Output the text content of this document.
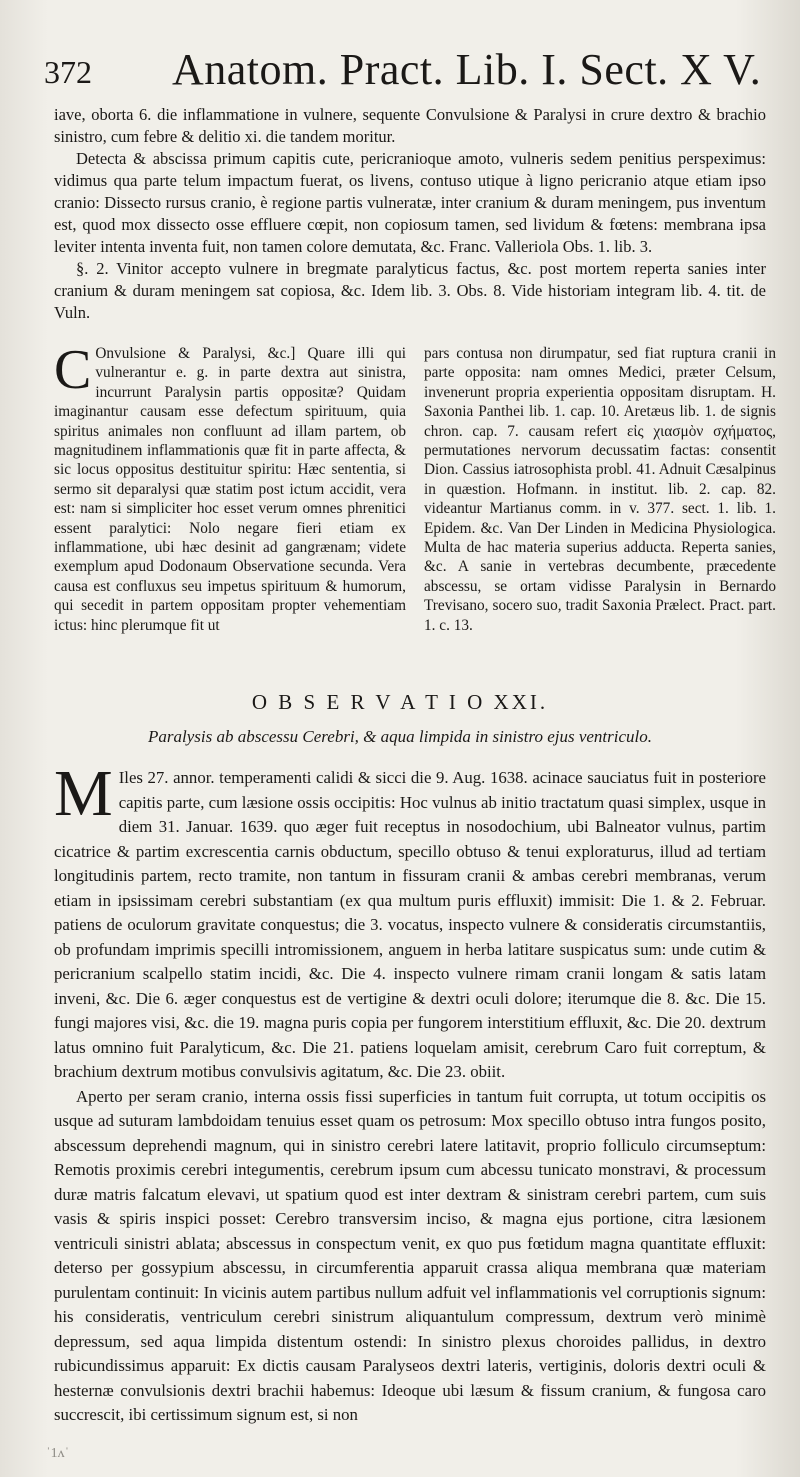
372 Anatom. Pract. Lib. I. Sect. X V.

iave, oborta 6. die inflammatione in vulnere, sequente Convulsione & Paralysi in crure dextro & brachio sinistro, cum febre & delitio xi. die tandem moritur.

Detecta & abscissa primum capitis cute, pericranioque amoto, vulneris sedem penitius perspeximus: vidimus qua parte telum impactum fuerat, os livens, contuso utique à ligno pericranio atque etiam ipso cranio: Dissecto rursus cranio, è regione partis vulneratæ, inter cranium & duram meningem, pus inventum est, quod mox dissecto osse effluere cœpit, non copiosum tamen, sed lividum & fœtens: membrana ipsa leviter intenta inventa fuit, non tamen colore demutata, &c. Franc. Valleriola Obs. 1. lib. 3.

§. 2. Vinitor accepto vulnere in bregmate paralyticus factus, &c. post mortem reperta sanies inter cranium & duram meningem sat copiosa, &c. Idem lib. 3. Obs. 8. Vide historiam integram lib. 4. tit. de Vuln.

C Onvulsione & Paralysi, &c.] Quare illi qui vulnerantur e. g. in parte dextra aut sinistra, incurrunt Paralysin partis oppositæ? Quidam imaginantur causam esse defectum spirituum, quia spiritus animales non confluunt ad illam partem, ob magnitudinem inflammationis quæ fit in parte affecta, & sic locus oppositus destituitur spiritu: Hæc sententia, si sermo sit deparalysi quæ statim post ictum accidit, vera est: nam si simpliciter hoc esset verum omnes phrenitici essent paralytici: Nolo negare fieri etiam ex inflammatione, ubi hæc desinit ad gangrænam; videte exemplum apud Dodonaum Observatione secunda. Vera causa est confluxus seu impetus spirituum & humorum, qui secedit in partem oppositam propter vehementiam ictus: hinc plerumque fit ut
pars contusa non dirumpatur, sed fiat ruptura cranii in parte opposita: nam omnes Medici, præter Celsum, invenerunt propria experientia oppositam disruptam. H. Saxonia Panthei lib. 1. cap. 10. Aretæus lib. 1. de signis chron. cap. 7. causam refert εἰς χιασμὸν σχήματος, permutationes nervorum decussatim factas: consentit Dion. Cassius iatrosophista probl. 41. Adnuit Cæsalpinus in quæstion. Hofmann. in institut. lib. 2. cap. 82. videantur Martianus comm. in v. 377. sect. 1. lib. 1. Epidem. &c. Van Der Linden in Medicina Physiologica. Multa de hac materia superius adducta. Reperta sanies, &c. A sanie in vertebras decumbente, præcedente abscessu, se ortam vidisse Paralysin in Bernardo Trevisano, socero suo, tradit Saxonia Prælect. Pract. part. 1. c. 13.
O B S E R V A T I O XXI.
Paralysis ab abscessu Cerebri, & aqua limpida in sinistro ejus ventriculo.

M Iles 27. annor. temperamenti calidi & sicci die 9. Aug. 1638. acinace sauciatus fuit in posteriore capitis parte, cum læsione ossis occipitis: Hoc vulnus ab initio tractatum quasi simplex, usque in diem 31. Januar. 1639. quo æger fuit receptus in nosodochium, ubi Balneator vulnus, partim cicatrice & partim excrescentia carnis obductum, specillo obtuso & tenui exploraturus, illud ad tertiam longitudinis partem, recto tramite, non tantum in fissuram cranii & ambas cerebri membranas, verum etiam in ipsissimam cerebri substantiam (ex qua multum puris effluxit) immisit: Die 1. & 2. Februar. patiens de oculorum gravitate conquestus; die 3. vocatus, inspecto vulnere & consideratis circumstantiis, ob profundam imprimis specilli intromissionem, anguem in herba latitare suspicatus sum: unde cutim & pericranium scalpello statim incidi, &c. Die 4. inspecto vulnere rimam cranii longam & satis latam inveni, &c. Die 6. æger conquestus est de vertigine & dextri oculi dolore; iterumque die 8. &c. Die 15. fungi majores visi, &c. die 19. magna puris copia per fungorem interstitium effluxit, &c. Die 20. dextrum latus omnino fuit Paralyticum, &c. Die 21. patiens loquelam amisit, cerebrum Caro fuit correptum, & brachium dextrum motibus convulsivis agitatum, &c. Die 23. obiit.

Aperto per seram cranio, interna ossis fissi superficies in tantum fuit corrupta, ut totum occipitis os usque ad suturam lambdoidam tenuius esset quam os petrosum: Mox specillo obtuso intra fungos posito, abscessum deprehendi magnum, qui in sinistro cerebri latere latitavit, proprio folliculo circumseptum: Remotis proximis cerebri integumentis, cerebrum ipsum cum abcessu tunicato monstravi, & processum duræ matris falcatum elevavi, ut spatium quod est inter dextram & sinistram cerebri partem, cum suis vasis & spiris inspici posset: Cerebro transversim inciso, & magna ejus portione, citra læsionem ventriculi sinistri ablata; abscessus in conspectum venit, ex quo pus fœtidum magna quantitate effluxit: deterso per gossypium abscessu, in circumferentia apparuit crassa aliqua membrana quæ materiam purulentam continuit: In vicinis autem partibus nullum adfuit vel inflammationis vel corruptionis signum: his consideratis, ventriculum cerebri sinistrum aliquantulum compressum, dextrum verò minimè depressum, sed aqua limpida distentum ostendi: In sinistro plexus choroides pallidus, in dextro rubicundissimus apparuit: Ex dictis causam Paralyseos dextri lateris, vertiginis, doloris dextri oculi & hesternæ convulsionis dextri brachii habemus: Ideoque ubi læsum & fissum cranium, & fungosa caro succrescit, ibi certissimum signum est, si non

ˈ1ʌˈ
